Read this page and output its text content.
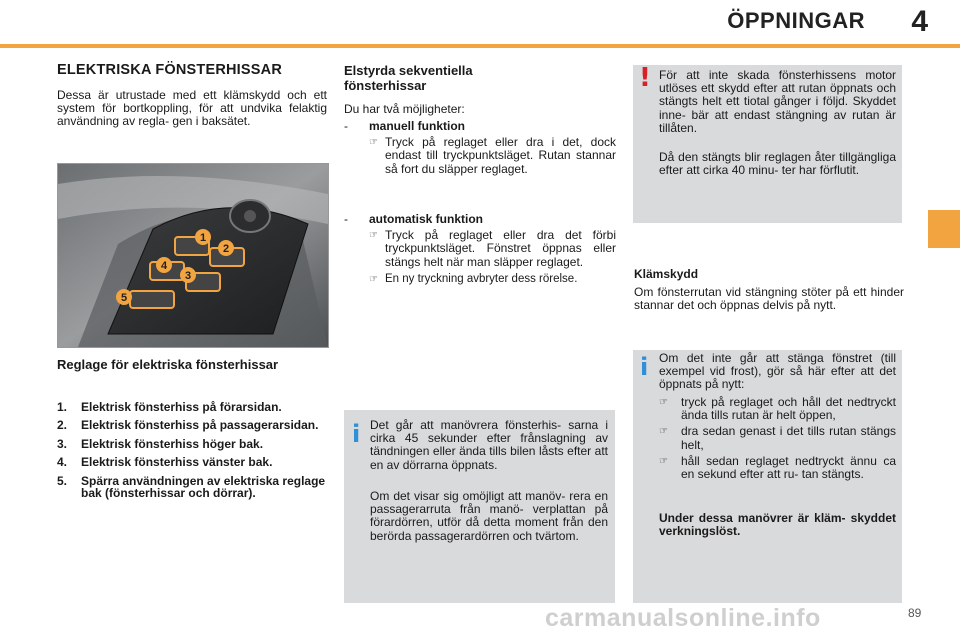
ÖPPNINGAR 4
ELEKTRISKA FÖNSTERHISSAR

Dessa är utrustade med ett klämskydd och ett system för bortkoppling, för att undvika felaktig användning av regla- gen i baksätet.

1
2
3
4
5
Reglage för elektriska fönsterhissar
1.	Elektrisk fönsterhiss på förarsidan.
2.	Elektrisk fönsterhiss på passagerarsidan.
3.	Elektrisk fönsterhiss höger bak.
4.	Elektrisk fönsterhiss vänster bak.
5.	Spärra användningen av elektriska reglage bak (fönsterhissar och dörrar).
Elstyrda sekventiella fönsterhissar

Du har två möjligheter:

-	manuell funktion
☞ Tryck på reglaget eller dra i det, dock endast till tryckpunktsläget. Rutan stannar så fort du släpper reglaget.
-	automatisk funktion
☞ Tryck på reglaget eller dra det förbi tryckpunktsläget. Fönstret öppnas eller stängs helt när man släpper reglaget.
☞ En ny tryckning avbryter dess rörelse.
i Det går att manövrera fönsterhis- sarna i cirka 45 sekunder efter frånslagning av tändningen eller ända tills bilen låsts efter att en av dörrarna öppnats.

Om det visar sig omöjligt att manöv- rera en passagerarruta från manö- verplattan på förardörren, utför då detta moment från den berörda passagerardörren och tvärtom.

! För att inte skada fönsterhissens motor utlöses ett skydd efter att rutan öppnats och stängts helt ett tiotal gånger i följd. Skyddet inne- bär att endast stängning av rutan är tillåten.

Då den stängts blir reglagen åter tillgängliga efter att cirka 40 minu- ter har förflutit.

Klämskydd

Om fönsterrutan vid stängning stöter på ett hinder stannar det och öppnas delvis på nytt.

i Om det inte går att stänga fönstret (till exempel vid frost), gör så här efter att det öppnats på nytt:

☞	tryck på reglaget och håll det nedtryckt ända tills rutan är helt öppen,
☞	dra sedan genast i det tills rutan stängs helt,
☞	håll sedan reglaget nedtryckt ännu ca en sekund efter att ru- tan stängts.

Under dessa manövrer är kläm- skyddet verkningslöst.

carmanualsonline.info	89
